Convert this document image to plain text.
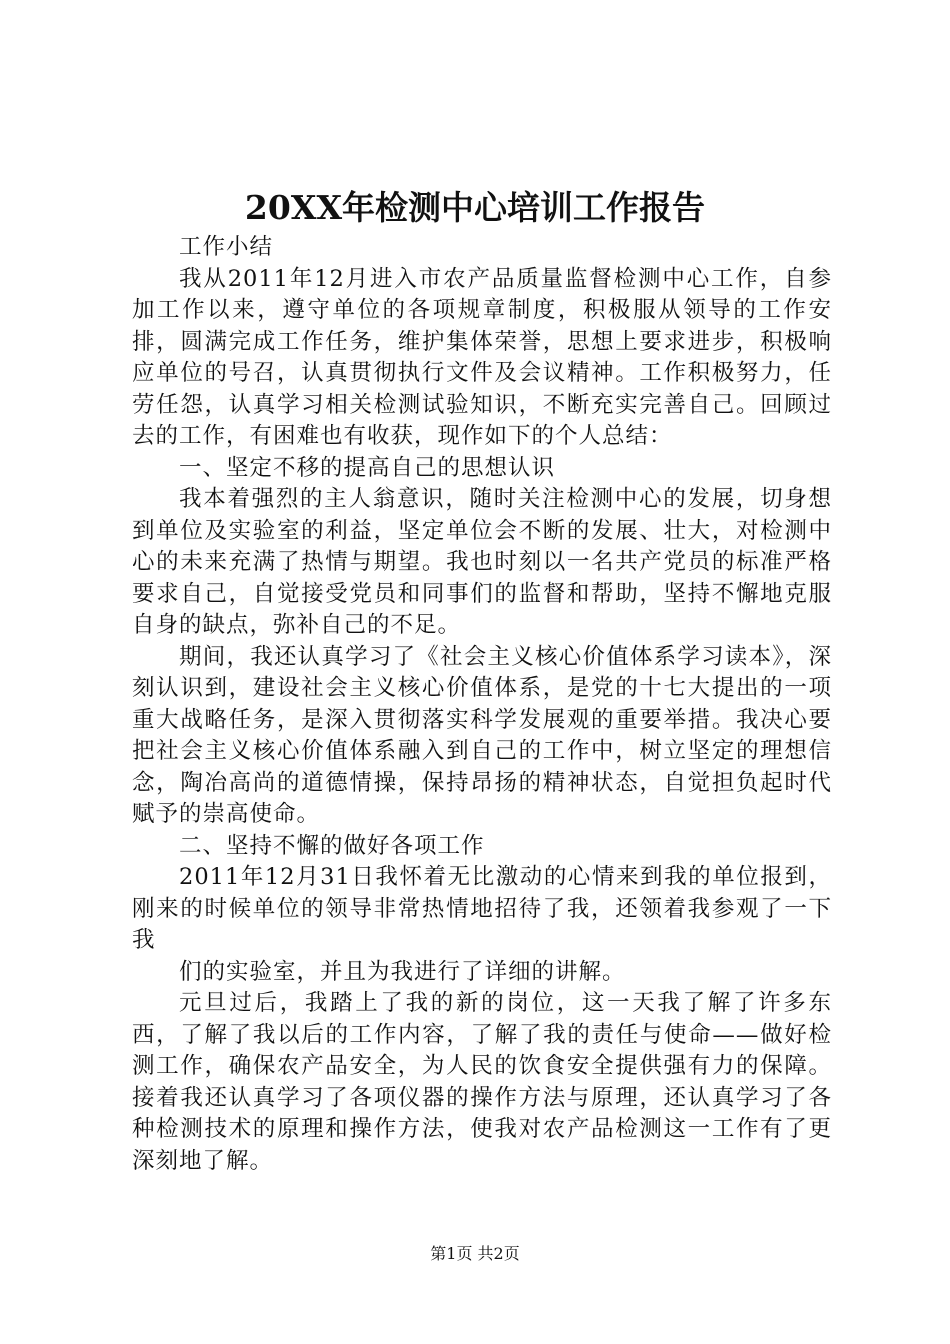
20XX年检测中心培训工作报告

工作小结

我从2011年12月进入市农产品质量监督检测中心工作，自参加工作以来，遵守单位的各项规章制度，积极服从领导的工作安排，圆满完成工作任务，维护集体荣誉，思想上要求进步，积极响应单位的号召，认真贯彻执行文件及会议精神。工作积极努力，任劳任怨，认真学习相关检测试验知识，不断充实完善自己。回顾过去的工作，有困难也有收获，现作如下的个人总结：

一、坚定不移的提高自己的思想认识

我本着强烈的主人翁意识，随时关注检测中心的发展，切身想到单位及实验室的利益，坚定单位会不断的发展、壮大，对检测中心的未来充满了热情与期望。我也时刻以一名共产党员的标准严格要求自己，自觉接受党员和同事们的监督和帮助，坚持不懈地克服自身的缺点，弥补自己的不足。

期间，我还认真学习了《社会主义核心价值体系学习读本》，深刻认识到，建设社会主义核心价值体系，是党的十七大提出的一项重大战略任务，是深入贯彻落实科学发展观的重要举措。我决心要把社会主义核心价值体系融入到自己的工作中，树立坚定的理想信念，陶冶高尚的道德情操，保持昂扬的精神状态，自觉担负起时代赋予的崇高使命。

二、坚持不懈的做好各项工作

2011年12月31日我怀着无比激动的心情来到我的单位报到，刚来的时候单位的领导非常热情地招待了我，还领着我参观了一下我

们的实验室，并且为我进行了详细的讲解。

元旦过后，我踏上了我的新的岗位，这一天我了解了许多东西，了解了我以后的工作内容，了解了我的责任与使命——做好检测工作，确保农产品安全，为人民的饮食安全提供强有力的保障。接着我还认真学习了各项仪器的操作方法与原理，还认真学习了各种检测技术的原理和操作方法，使我对农产品检测这一工作有了更深刻地了解。

第1页 共2页
